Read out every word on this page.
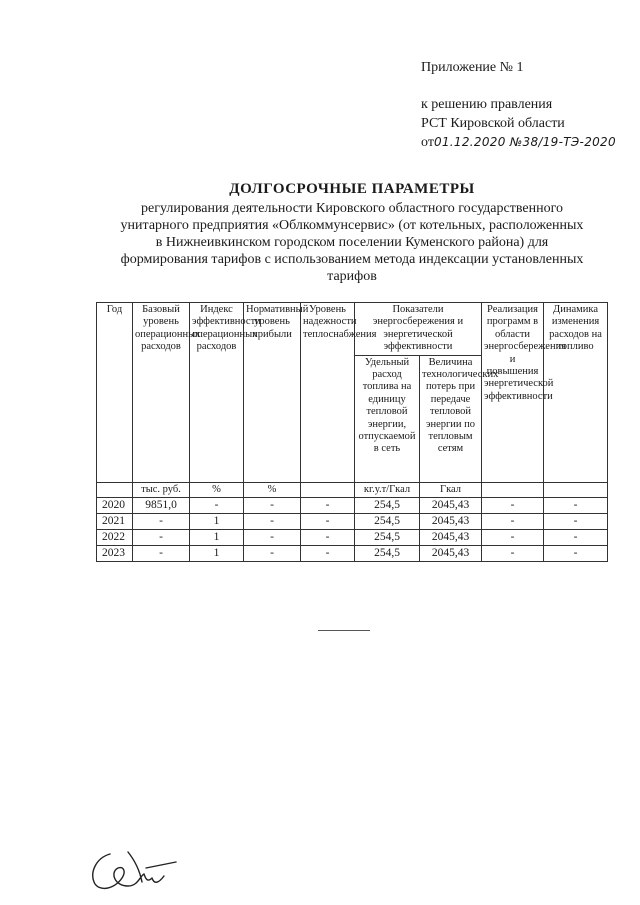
Приложение № 1
к решению правления
РСТ Кировской области
от01.12.2020 №38/19-ТЭ-2020
ДОЛГОСРОЧНЫЕ ПАРАМЕТРЫ
регулирования деятельности Кировского областного государственного
унитарного предприятия «Облкоммунсервис» (от котельных, расположенных
в Нижнеивкинском городском поселении Куменского района) для
формирования тарифов с использованием метода индексации установленных
тарифов
Год	Базовый уровень операционных расходов	Индекс эффективности операционных расходов	Нормативный уровень прибыли	Уровень надежности теплоснабжения	Показатели энергосбережения и энергетической эффективности		Реализация программ в области энергосбережения и повышения энергетической эффективности	Динамика изменения расходов на топливо
					Удельный расход топлива на единицу тепловой энергии, отпускаемой в сеть	Величина технологических потерь при передаче тепловой энергии по тепловым сетям		
	тыс. руб.	%	%		кг.у.т/Гкал	Гкал		
2020	9851,0	-	-	-	254,5	2045,43	-	-
2021	-	1	-	-	254,5	2045,43	-	-
2022	-	1	-	-	254,5	2045,43	-	-
2023	-	1	-	-	254,5	2045,43	-	-
